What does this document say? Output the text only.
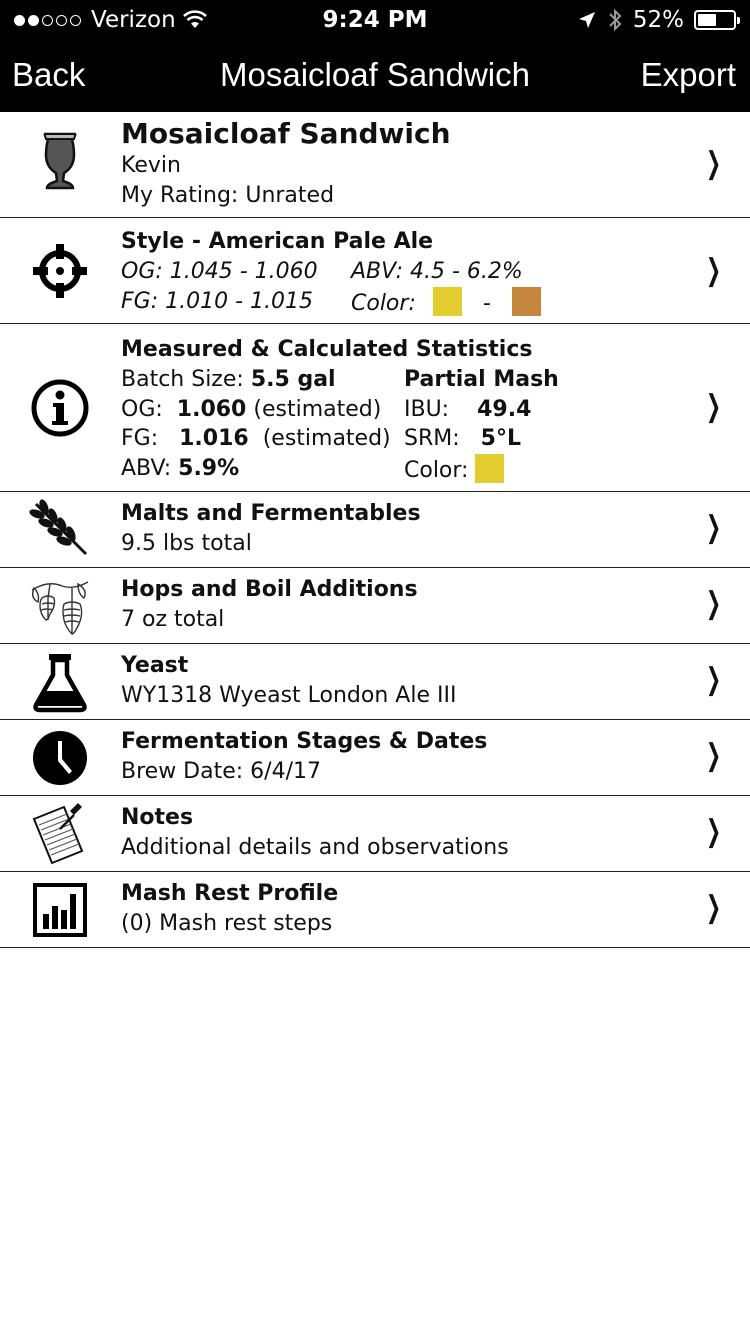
Verizon	9:24 PM	52%
Back	Mosaicloaf Sandwich	Export
Mosaicloaf Sandwich
Kevin
My Rating: Unrated
❯
Style - American Pale Ale
OG: 1.045 - 1.060
FG: 1.010 - 1.015
ABV: 4.5 - 6.2%
Color:	-
❯
Measured & Calculated Statistics
Batch Size: 5.5 gal
OG: 1.060 (estimated)
FG: 1.016 (estimated)
ABV: 5.9%
Partial Mash
IBU: 49.4
SRM: 5°L
Color:
❯
Malts and Fermentables
9.5 lbs total	❯
Hops and Boil Additions
7 oz total	❯
Yeast
WY1318 Wyeast London Ale III	❯
Fermentation Stages & Dates
Brew Date: 6/4/17	❯
Notes
Additional details and observations	❯
Mash Rest Profile
(0) Mash rest steps	❯
